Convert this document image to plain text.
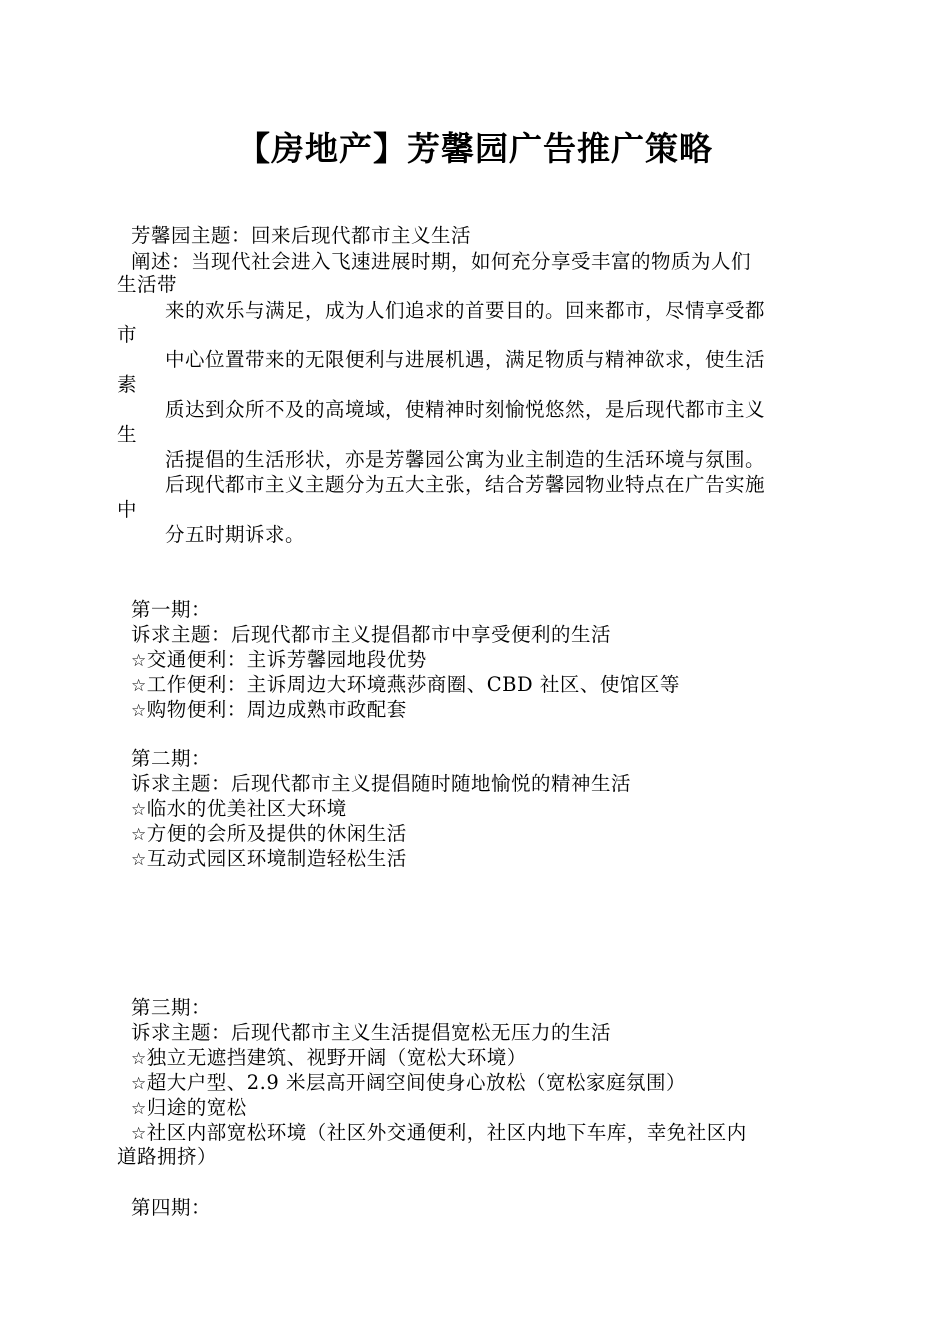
【房地产】芳馨园广告推广策略
芳馨园主题：回来后现代都市主义生活
阐述：当现代社会进入飞速进展时期，如何充分享受丰富的物质为人们
生活带
来的欢乐与满足，成为人们追求的首要目的。回来都市，尽情享受都
市
中心位置带来的无限便利与进展机遇，满足物质与精神欲求，使生活
素
质达到众所不及的高境域，使精神时刻愉悦悠然，是后现代都市主义
生
活提倡的生活形状，亦是芳馨园公寓为业主制造的生活环境与氛围。
后现代都市主义主题分为五大主张，结合芳馨园物业特点在广告实施
中
分五时期诉求。
第一期：
诉求主题：后现代都市主义提倡都市中享受便利的生活
☆交通便利：主诉芳馨园地段优势
☆工作便利：主诉周边大环境燕莎商圈、CBD 社区、使馆区等
☆购物便利：周边成熟市政配套
第二期：
诉求主题：后现代都市主义提倡随时随地愉悦的精神生活
☆临水的优美社区大环境
☆方便的会所及提供的休闲生活
☆互动式园区环境制造轻松生活
第三期：
诉求主题：后现代都市主义生活提倡宽松无压力的生活
☆独立无遮挡建筑、视野开阔（宽松大环境）
☆超大户型、2.9 米层高开阔空间使身心放松（宽松家庭氛围）
☆归途的宽松
☆社区内部宽松环境（社区外交通便利，社区内地下车库，幸免社区内
道路拥挤）
第四期：
